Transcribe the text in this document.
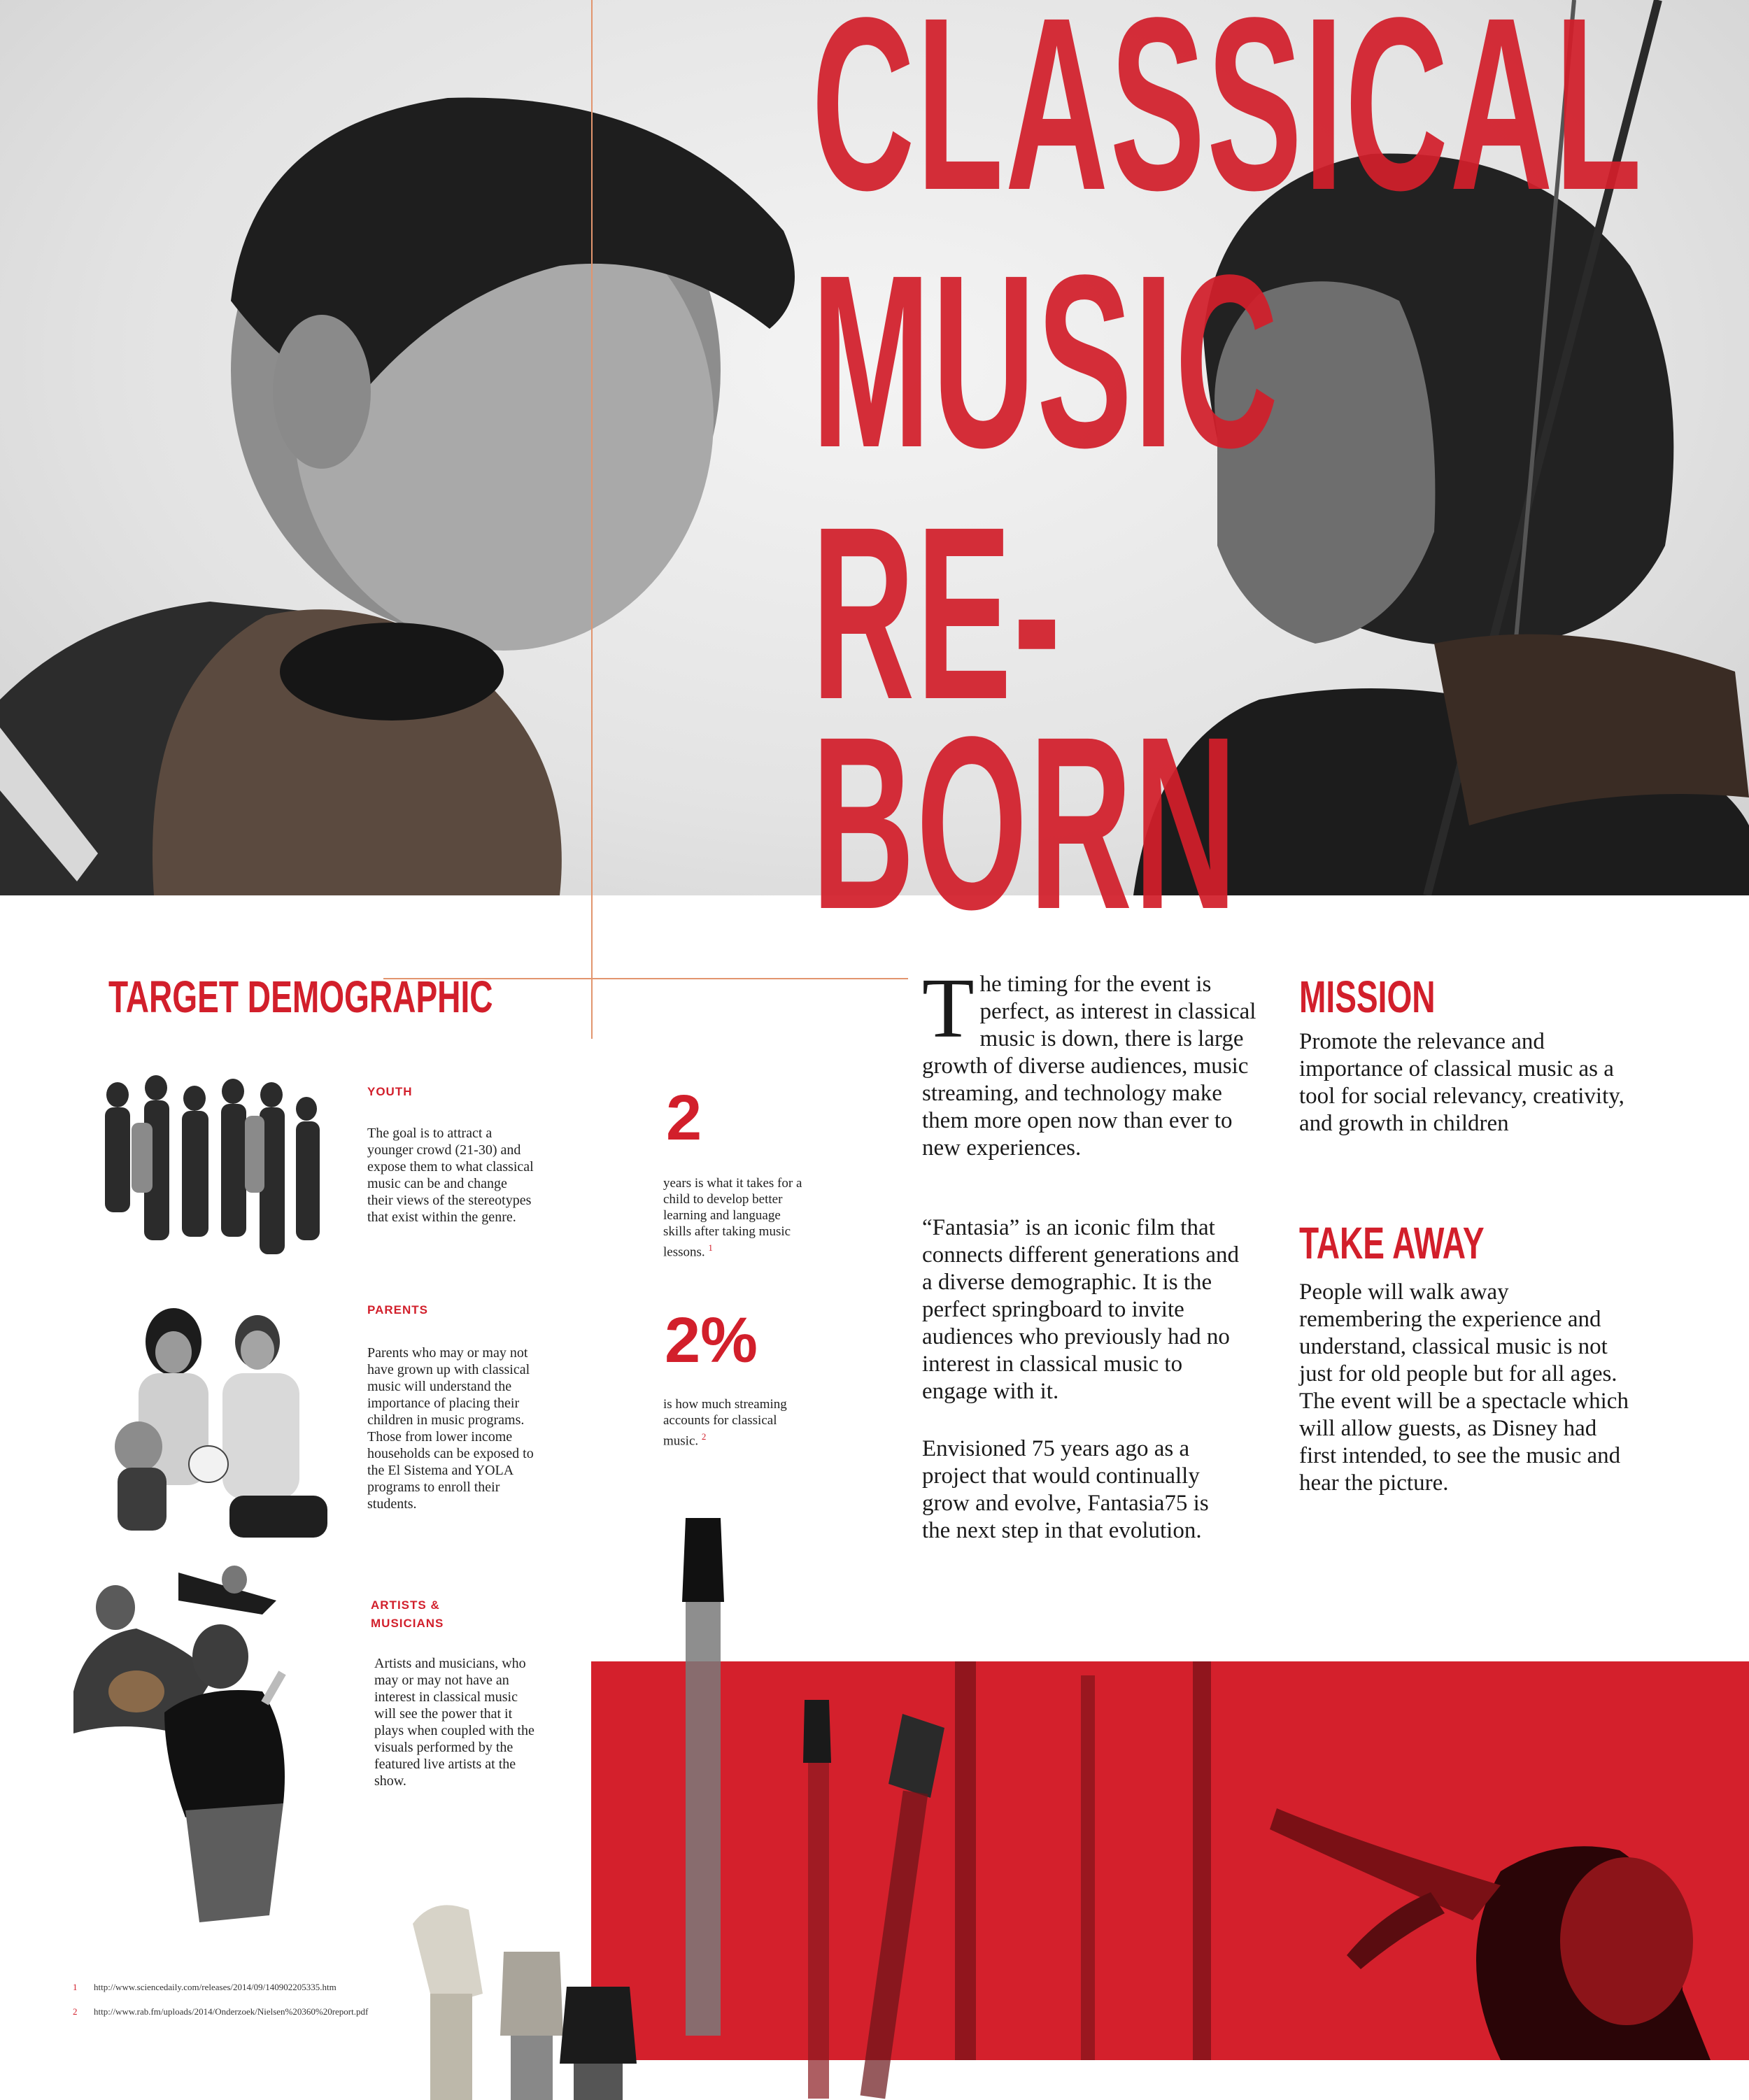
CLASSICAL
MUSIC
RE-
BORN
TARGET DEMOGRAPHIC
YOUTH
The goal is to attract a younger crowd (21-30) and expose them to what classical music can be and change their views of the stereotypes that exist within the genre.
PARENTS
Parents who may or may not have grown up with classical music will understand the importance of placing their children in music programs. Those from lower income households can be exposed to the El Sistema and YOLA programs to enroll their students.
ARTISTS & MUSICIANS
Artists and musicians, who may or may not have an interest in classical music will see the power that it plays when coupled with the visuals performed by the featured live artists at the show.
2
years is what it takes for a child to develop better learning and language skills after taking music lessons. $^1$
2%
is how much streaming accounts for classical music. $^2$
The timing for the event is perfect, as interest in classical music is down, there is large growth of diverse audiences, music streaming, and technology make them more open now than ever to new experiences.
“Fantasia” is an iconic film that connects different generations and a diverse demographic. It is the perfect springboard to invite audiences who previously had no interest in classical music to engage with it.
Envisioned 75 years ago as a project that would continually grow and evolve, Fantasia75 is the next step in that evolution.
MISSION
Promote the relevance and importance of classical music as a tool for social relevancy, creativity, and growth in children
TAKE AWAY
People will walk away remembering the experience and understand, classical music is not just for old people but for all ages. The event will be a spectacle which will allow guests, as Disney had first intended, to see the music and hear the picture.
1 http://www.sciencedaily.com/releases/2014/09/140902205335.htm
2 http://www.rab.fm/uploads/2014/Onderzoek/Nielsen%20360%20report.pdf
